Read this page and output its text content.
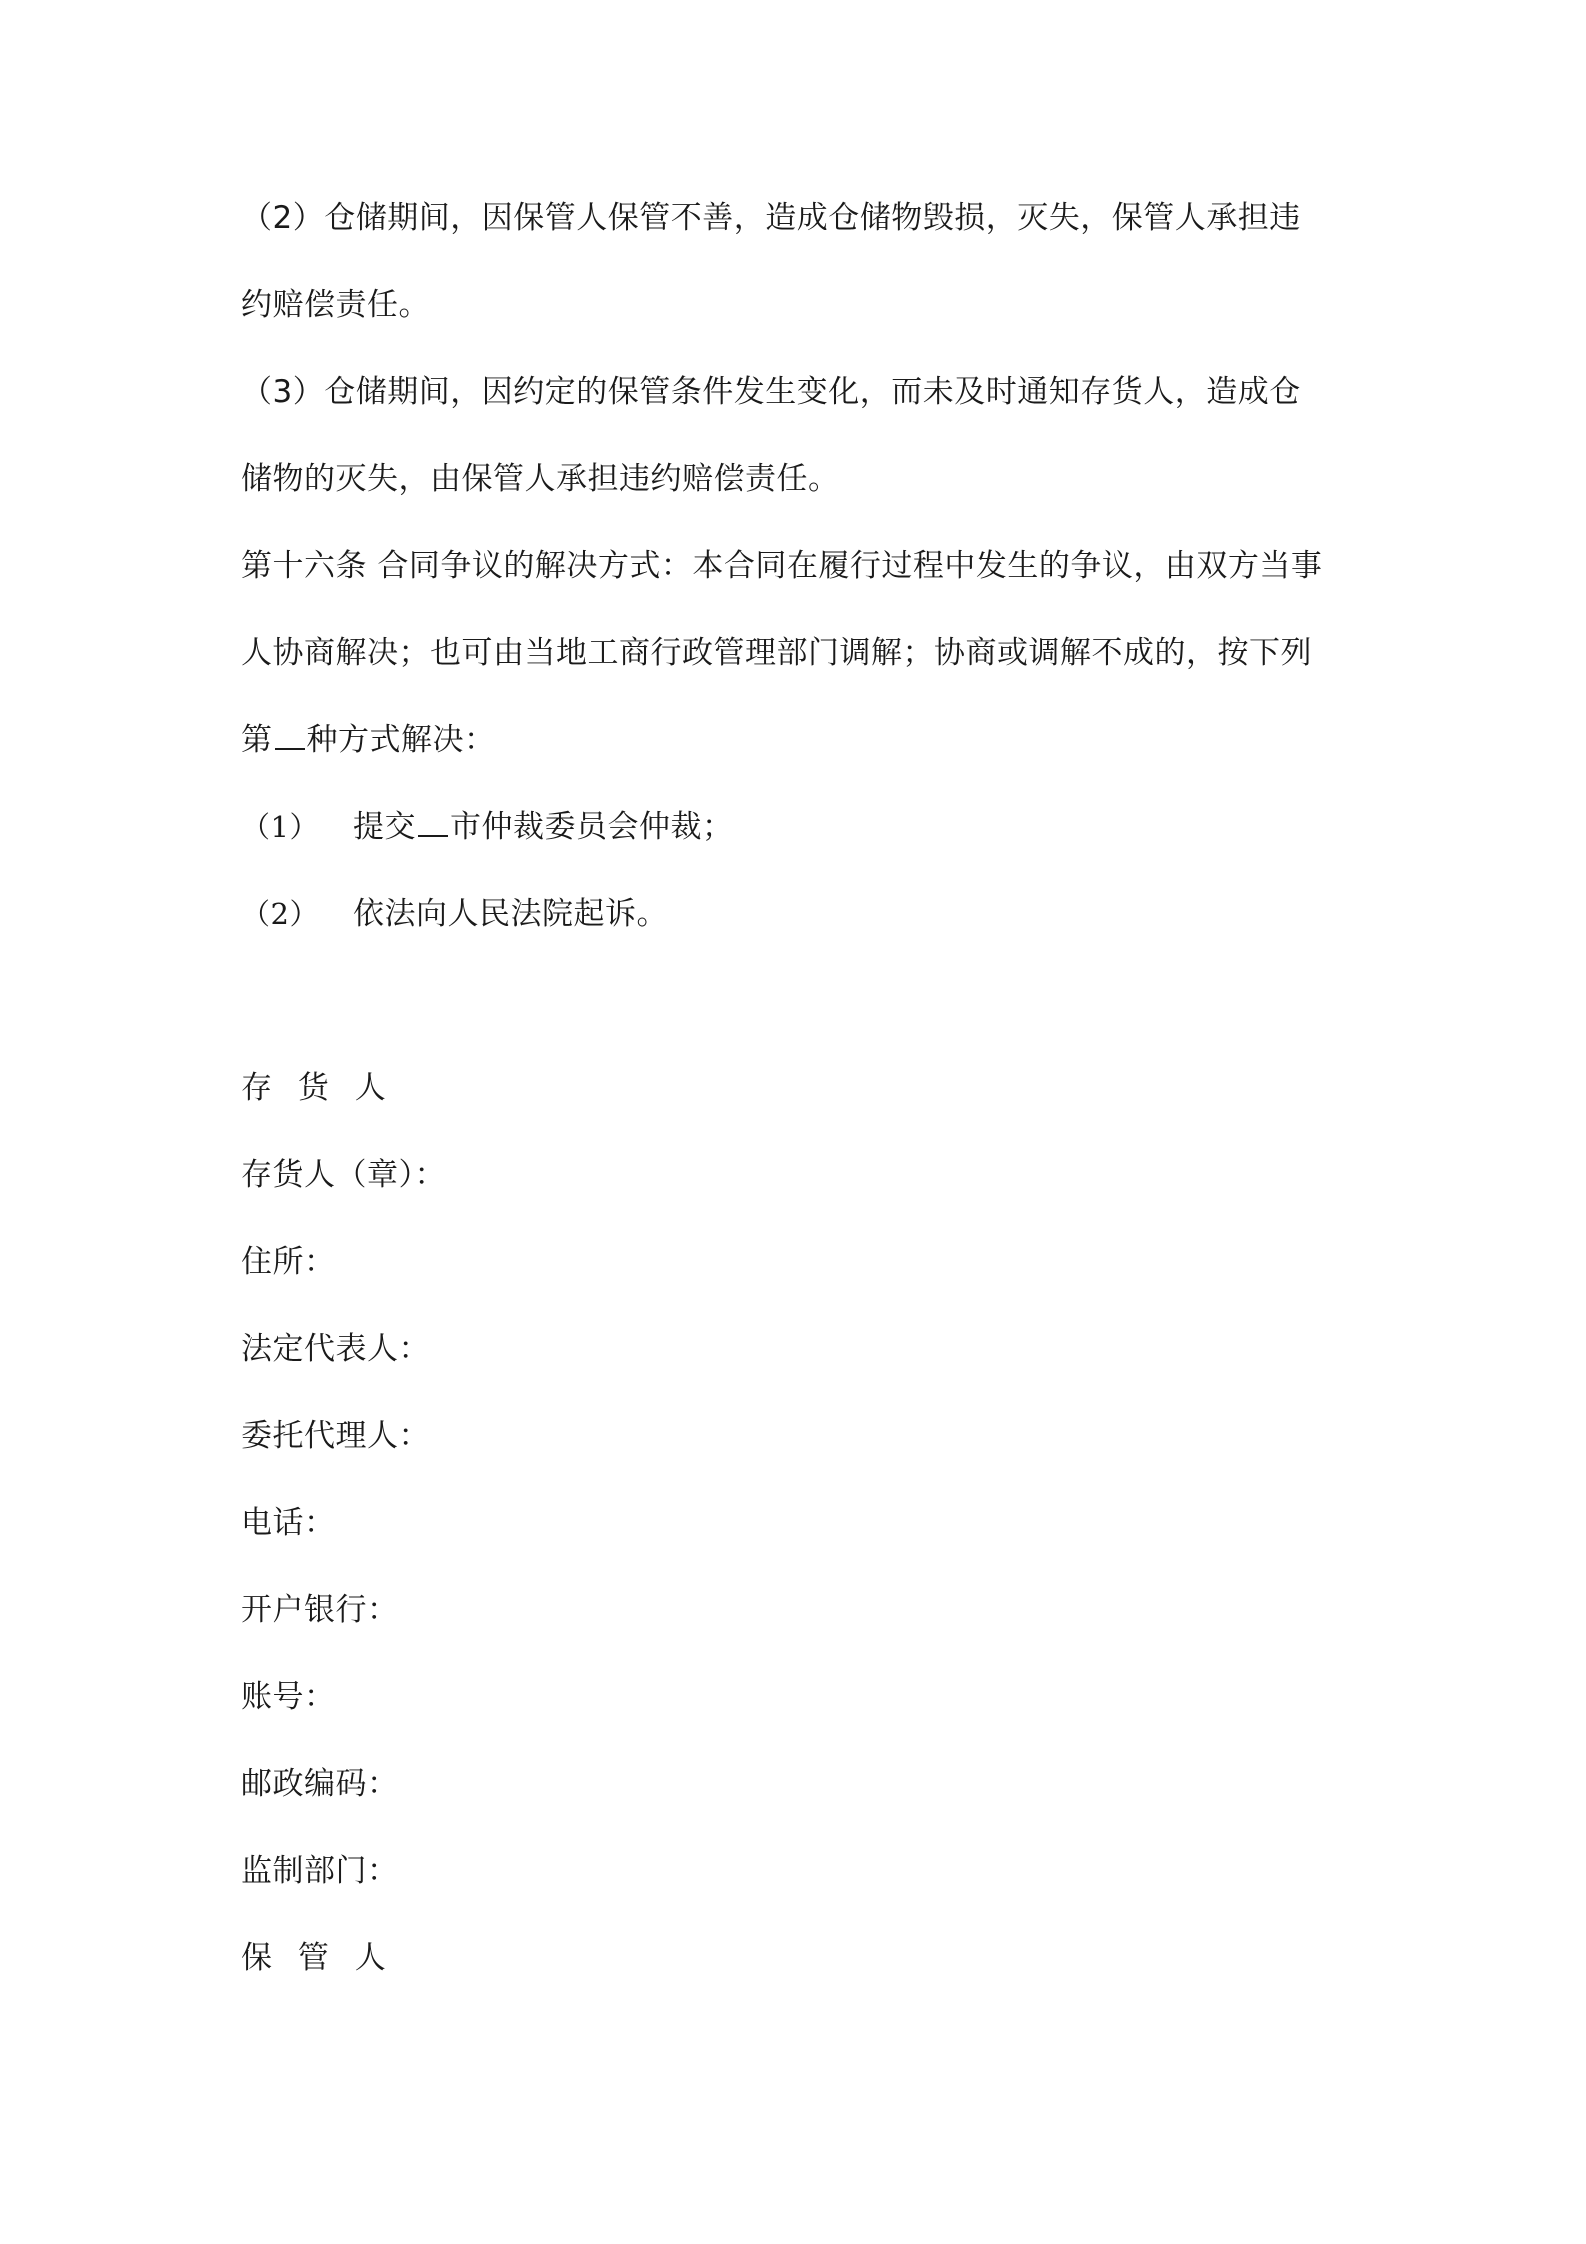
（2）仓储期间，因保管人保管不善，造成仓储物毁损，灭失，保管人承担违
约赔偿责任。
（3）仓储期间，因约定的保管条件发生变化，而未及时通知存货人，造成仓
储物的灭失，由保管人承担违约赔偿责任。
第十六条 合同争议的解决方式：本合同在履行过程中发生的争议，由双方当事
人协商解决；也可由当地工商行政管理部门调解；协商或调解不成的，按下列
第 种方式解决：
（1） 提交 市仲裁委员会仲裁；
（2） 依法向人民法院起诉。
存 货 人
存货人（章）：
住所：
法定代表人：
委托代理人：
电话：
开户银行：
账号：
邮政编码：
监制部门：
保 管 人
